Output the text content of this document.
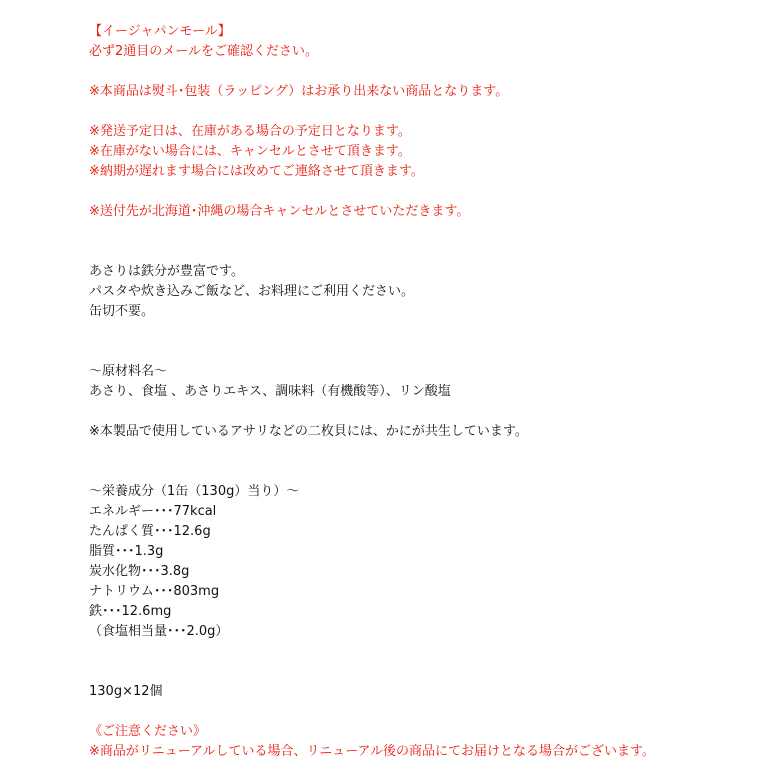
【イージャパンモール】
必ず2通目のメールをご確認ください。
※本商品は熨斗･包装（ラッピング）はお承り出来ない商品となります。
※発送予定日は、在庫がある場合の予定日となります。
※在庫がない場合には、キャンセルとさせて頂きます。
※納期が遅れます場合には改めてご連絡させて頂きます。
※送付先が北海道･沖縄の場合キャンセルとさせていただきます。
あさりは鉄分が豊富です。
パスタや炊き込みご飯など、お料理にご利用ください。
缶切不要。
～原材料名～
あさり、食塩 、あさりエキス、調味料（有機酸等）、リン酸塩
※本製品で使用しているアサリなどの二枚貝には、かにが共生しています。
～栄養成分（1缶（130g）当り）～
エネルギー･･･77kcal
たんぱく質･･･12.6g
脂質･･･1.3g
炭水化物･･･3.8g
ナトリウム･･･803mg
鉄･･･12.6mg
（食塩相当量･･･2.0g）
130g×12個
《ご注意ください》
※商品がリニューアルしている場合、リニューアル後の商品にてお届けとなる場合がございます。
